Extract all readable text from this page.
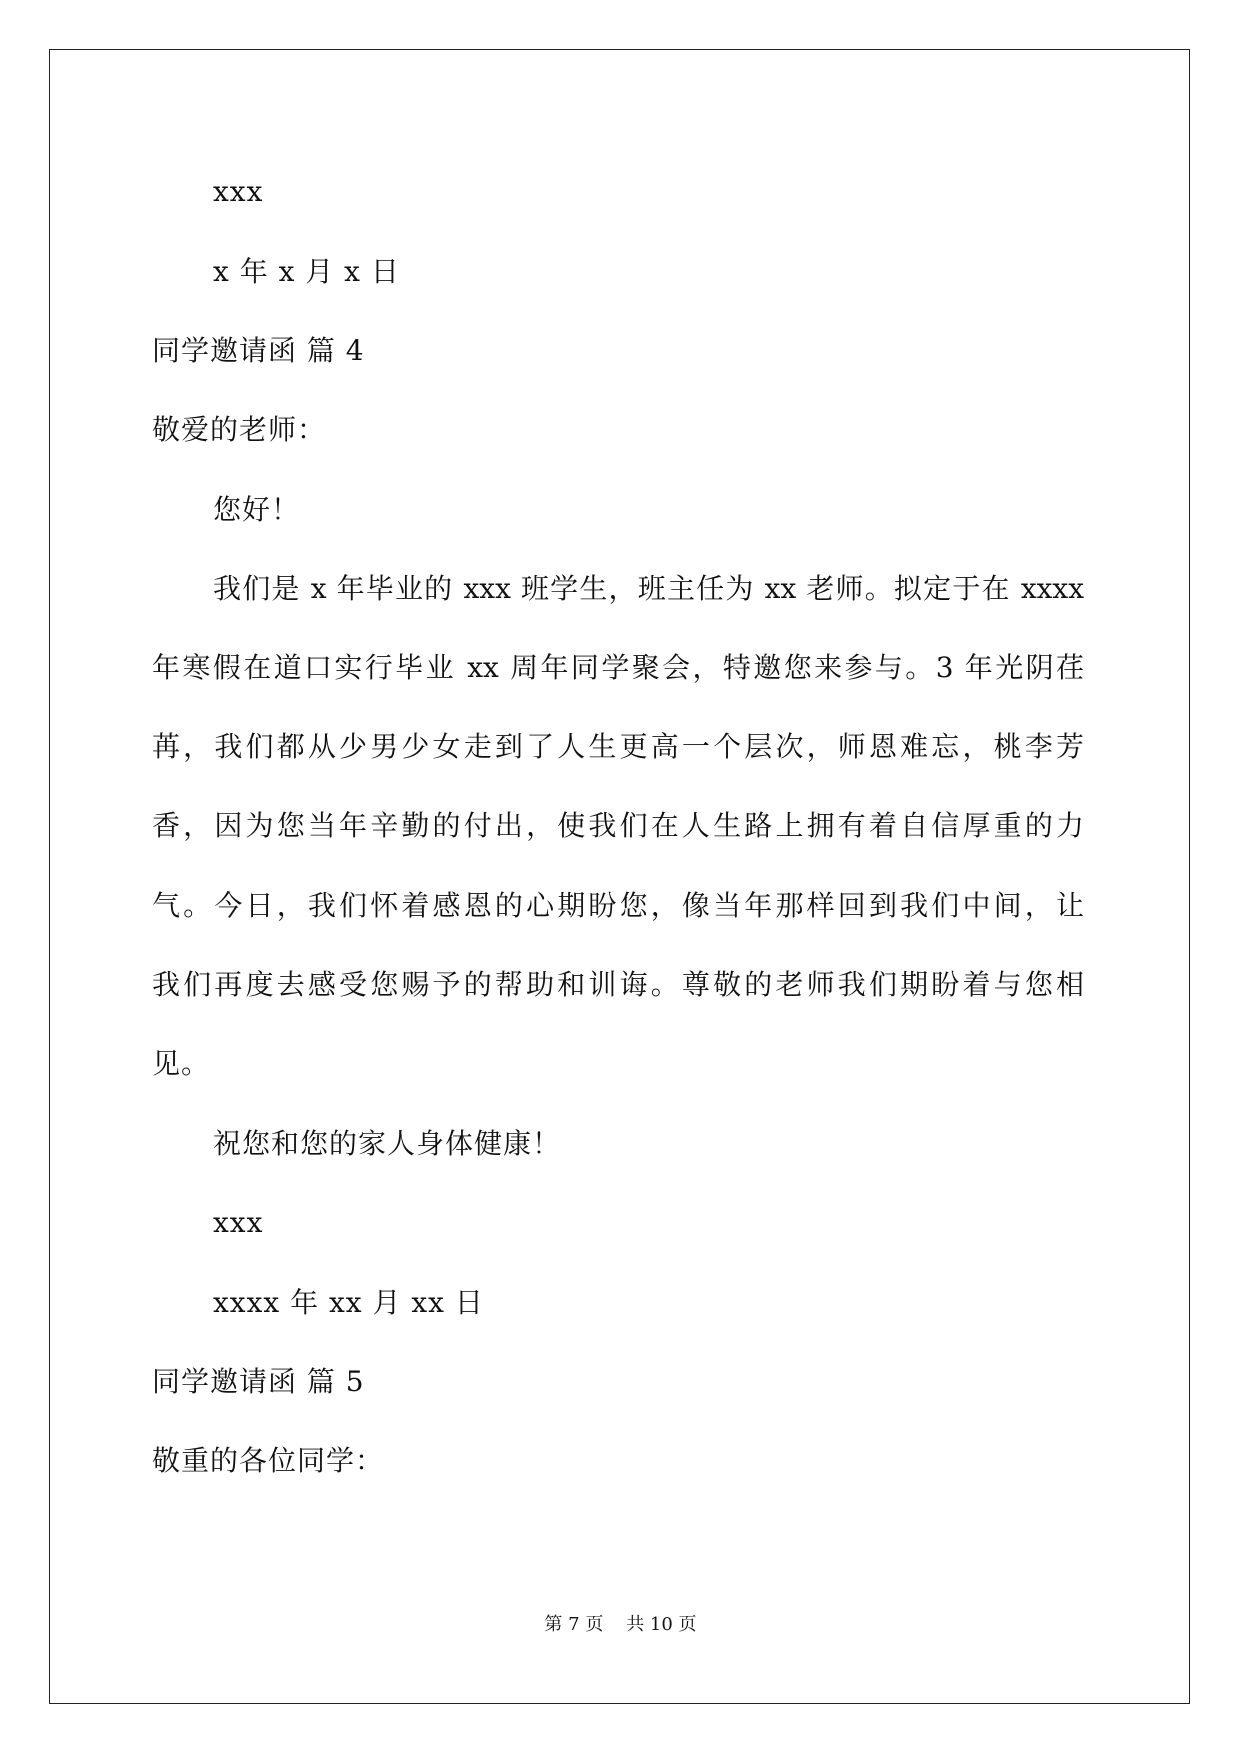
xxx
x 年 x 月 x 日
同学邀请函 篇 4
敬爱的老师：
您好！
我们是 x 年毕业的 xxx 班学生，班主任为 xx 老师。拟定于在 xxxx
年寒假在道口实行毕业 xx 周年同学聚会，特邀您来参与。3 年光阴荏
苒，我们都从少男少女走到了人生更高一个层次，师恩难忘，桃李芳
香，因为您当年辛勤的付出，使我们在人生路上拥有着自信厚重的力
气。今日，我们怀着感恩的心期盼您，像当年那样回到我们中间，让
我们再度去感受您赐予的帮助和训诲。尊敬的老师我们期盼着与您相
见。
祝您和您的家人身体健康！
xxx
xxxx 年 xx 月 xx 日
同学邀请函 篇 5
敬重的各位同学：
第 7 页    共 10 页
